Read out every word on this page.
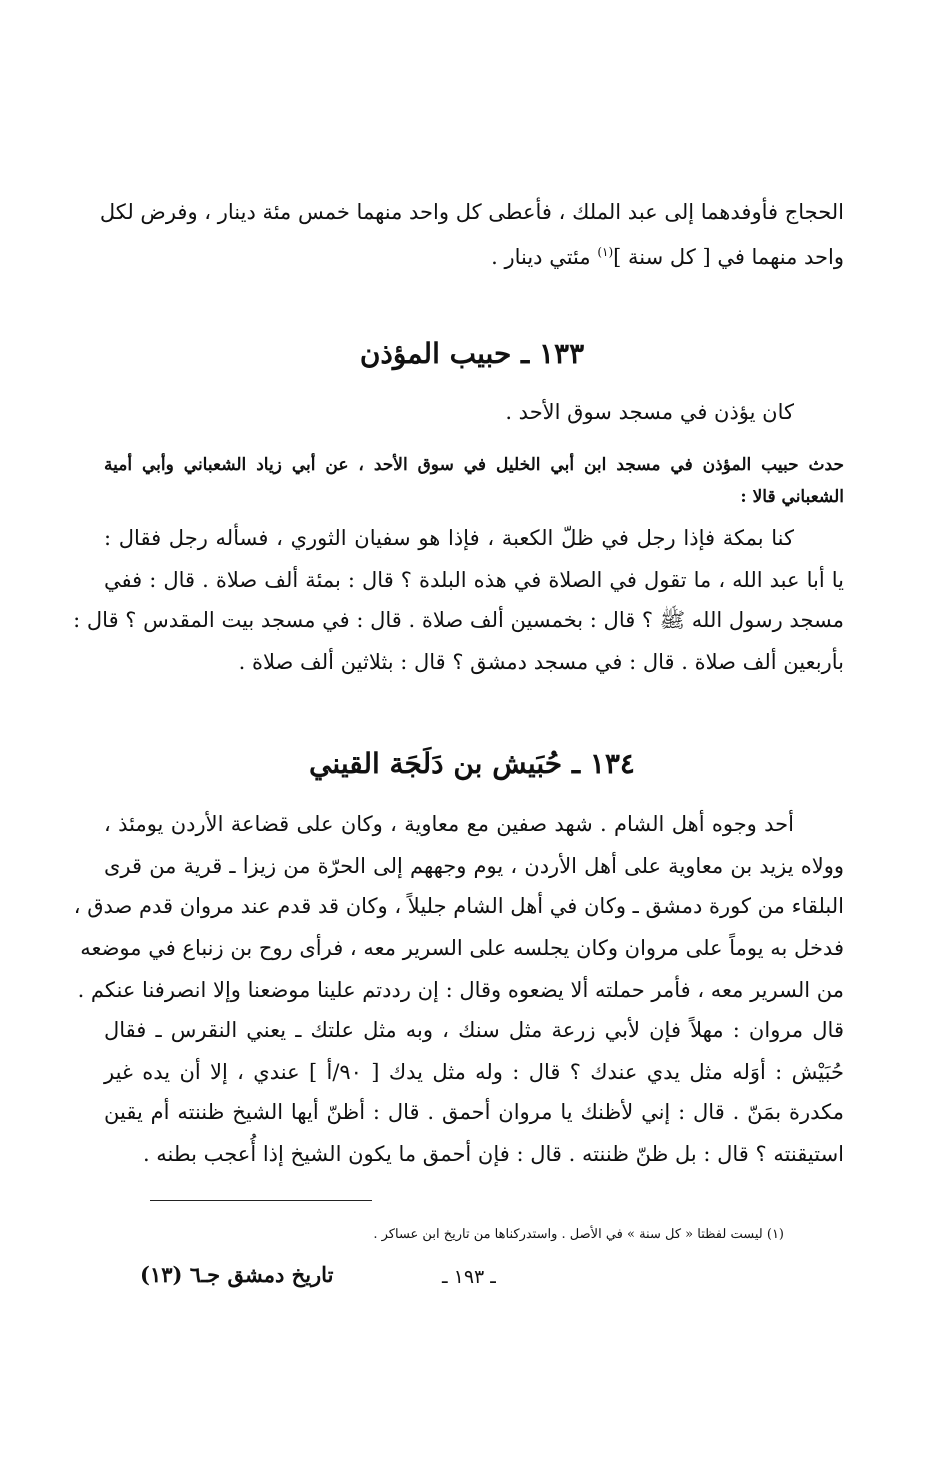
الحجاج فأوفدهما إلى عبد الملك ، فأعطى كل واحد منهما خمس مئة دينار ، وفرض لكل
واحد منهما في [ كل سنة ]$^{(١)}$ مئتي دينار .
١٣٣ ـ حبيب المؤذن
كان يؤذن في مسجد سوق الأحد .
حدث حبيب المؤذن في مسجد ابن أبي الخليل في سوق الأحد ، عن أبي زياد الشعباني وأبي أمية
الشعباني قالا :
كنا بمكة فإذا رجل في ظلّ الكعبة ، فإذا هو سفيان الثوري ، فسأله رجل فقال :
يا أبا عبد الله ، ما تقول في الصلاة في هذه البلدة ؟ قال : بمئة ألف صلاة . قال : ففي
مسجد رسول الله ﷺ ؟ قال : بخمسين ألف صلاة . قال : في مسجد بيت المقدس ؟ قال :
بأربعين ألف صلاة . قال : في مسجد دمشق ؟ قال : بثلاثين ألف صلاة .
١٣٤ ـ حُبَيش بن دَلَجَة القيني
أحد وجوه أهل الشام . شهد صفين مع معاوية ، وكان على قضاعة الأردن يومئذ ،
وولاه يزيد بن معاوية على أهل الأردن ، يوم وجههم إلى الحرّة من زيزا ـ قرية من قرى
البلقاء من كورة دمشق ـ وكان في أهل الشام جليلاً ، وكان قد قدم عند مروان قدم صدق ،
فدخل به يوماً على مروان وكان يجلسه على السرير معه ، فرأى روح بن زنباع في موضعه
من السرير معه ، فأمر حملته ألا يضعوه وقال : إن رددتم علينا موضعنا وإلا انصرفنا عنكم .
قال مروان : مهلاً فإن لأبي زرعة مثل سنك ، وبه مثل علتك ـ يعني النقرس ـ فقال
حُبَيْش : أوَله مثل يدي عندك ؟ قال : وله مثل يدك [ ٩٠/أ ] عندي ، إلا أن يده غير
مكدرة بمَنّ . قال : إني لأظنك يا مروان أحمق . قال : أظنّ أيها الشيخ ظننته أم يقين
استيقنته ؟ قال : بل ظنّ ظننته . قال : فإن أحمق ما يكون الشيخ إذا أُعجب بطنه .
(١) ليست لفظتا « كل سنة » في الأصل . واستدركناها من تاريخ ابن عساكر .
ـ ١٩٣ ـ
تاريخ دمشق جـ٦ (١٣)
